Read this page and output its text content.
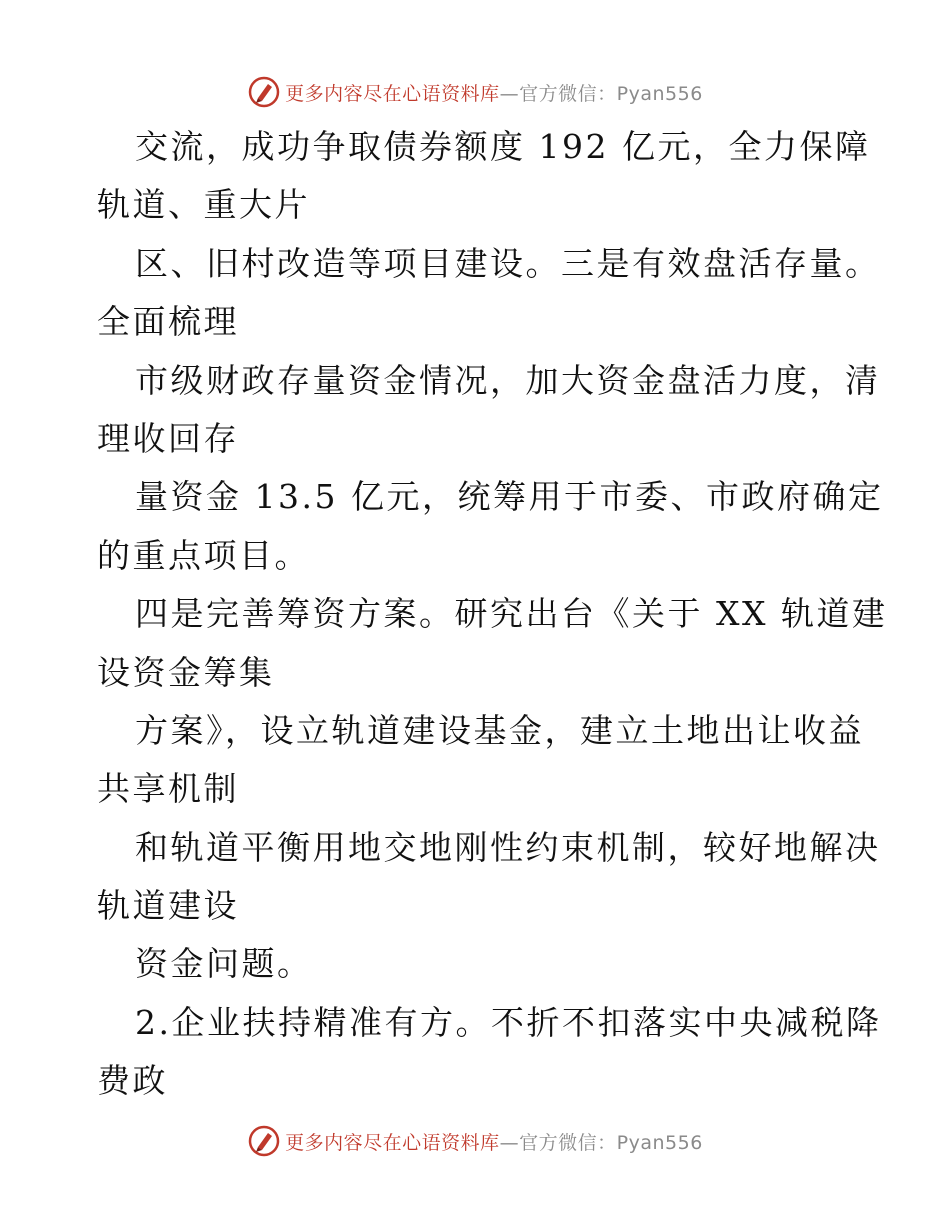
更多内容尽在心语资料库—官方微信：Pyan556
交流，成功争取债券额度 192 亿元，全力保障
轨道、重大片
区、旧村改造等项目建设。三是有效盘活存量。
全面梳理
市级财政存量资金情况，加大资金盘活力度，清
理收回存
量资金 13.5 亿元，统筹用于市委、市政府确定
的重点项目。
四是完善筹资方案。研究出台《关于 XX 轨道建
设资金筹集
方案》，设立轨道建设基金，建立土地出让收益
共享机制
和轨道平衡用地交地刚性约束机制，较好地解决
轨道建设
资金问题。
2.企业扶持精准有方。不折不扣落实中央减税降
费政
更多内容尽在心语资料库—官方微信：Pyan556
